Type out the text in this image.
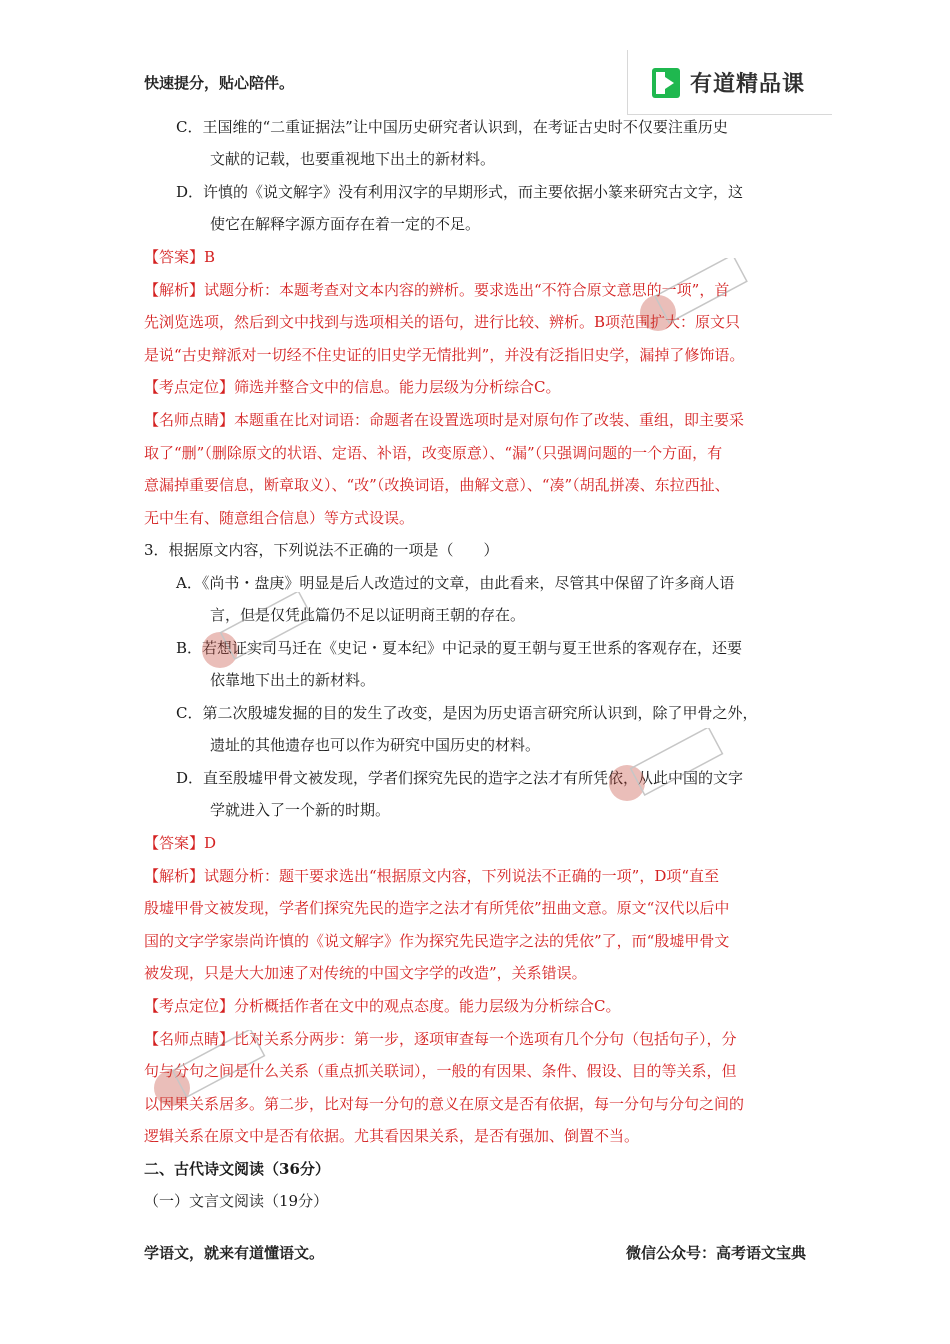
快速提分，贴心陪伴。	有道精品课
C．王国维的“二重证据法”让中国历史研究者认识到，在考证古史时不仅要注重历史
文献的记载，也要重视地下出土的新材料。
D．许慎的《说文解字》没有利用汉字的早期形式，而主要依据小篆来研究古文字，这
使它在解释字源方面存在着一定的不足。
【答案】B
【解析】试题分析：本题考查对文本内容的辨析。要求选出“不符合原文意思的一项”，首
先浏览选项，然后到文中找到与选项相关的语句，进行比较、辨析。B项范围扩大：原文只
是说“古史辩派对一切经不住史证的旧史学无情批判”，并没有泛指旧史学，漏掉了修饰语。
【考点定位】筛选并整合文中的信息。能力层级为分析综合C。
【名师点睛】本题重在比对词语：命题者在设置选项时是对原句作了改装、重组，即主要采
取了“删”（删除原文的状语、定语、补语，改变原意）、“漏”（只强调问题的一个方面，有
意漏掉重要信息，断章取义）、“改”（改换词语，曲解文意）、“凑”（胡乱拼凑、东拉西扯、
无中生有、随意组合信息）等方式设误。
3．根据原文内容，下列说法不正确的一项是（　　）
A．《尚书・盘庚》明显是后人改造过的文章，由此看来，尽管其中保留了许多商人语
言，但是仅凭此篇仍不足以证明商王朝的存在。
B．若想证实司马迁在《史记・夏本纪》中记录的夏王朝与夏王世系的客观存在，还要
依靠地下出土的新材料。
C．第二次殷墟发掘的目的发生了改变，是因为历史语言研究所认识到，除了甲骨之外，
遗址的其他遗存也可以作为研究中国历史的材料。
D．直至殷墟甲骨文被发现，学者们探究先民的造字之法才有所凭依，从此中国的文字
学就进入了一个新的时期。
【答案】D
【解析】试题分析：题干要求选出“根据原文内容，下列说法不正确的一项”，D项“直至
殷墟甲骨文被发现，学者们探究先民的造字之法才有所凭依”扭曲文意。原文“汉代以后中
国的文字学家崇尚许慎的《说文解字》作为探究先民造字之法的凭依”了，而“殷墟甲骨文
被发现，只是大大加速了对传统的中国文字学的改造”，关系错误。
【考点定位】分析概括作者在文中的观点态度。能力层级为分析综合C。
【名师点睛】比对关系分两步：第一步，逐项审查每一个选项有几个分句（包括句子），分
句与分句之间是什么关系（重点抓关联词），一般的有因果、条件、假设、目的等关系，但
以因果关系居多。第二步，比对每一分句的意义在原文是否有依据，每一分句与分句之间的
逻辑关系在原文中是否有依据。尤其看因果关系，是否有强加、倒置不当。
二、古代诗文阅读（36分）
（一）文言文阅读（19分）
学语文，就来有道懂语文。	微信公众号：高考语文宝典
